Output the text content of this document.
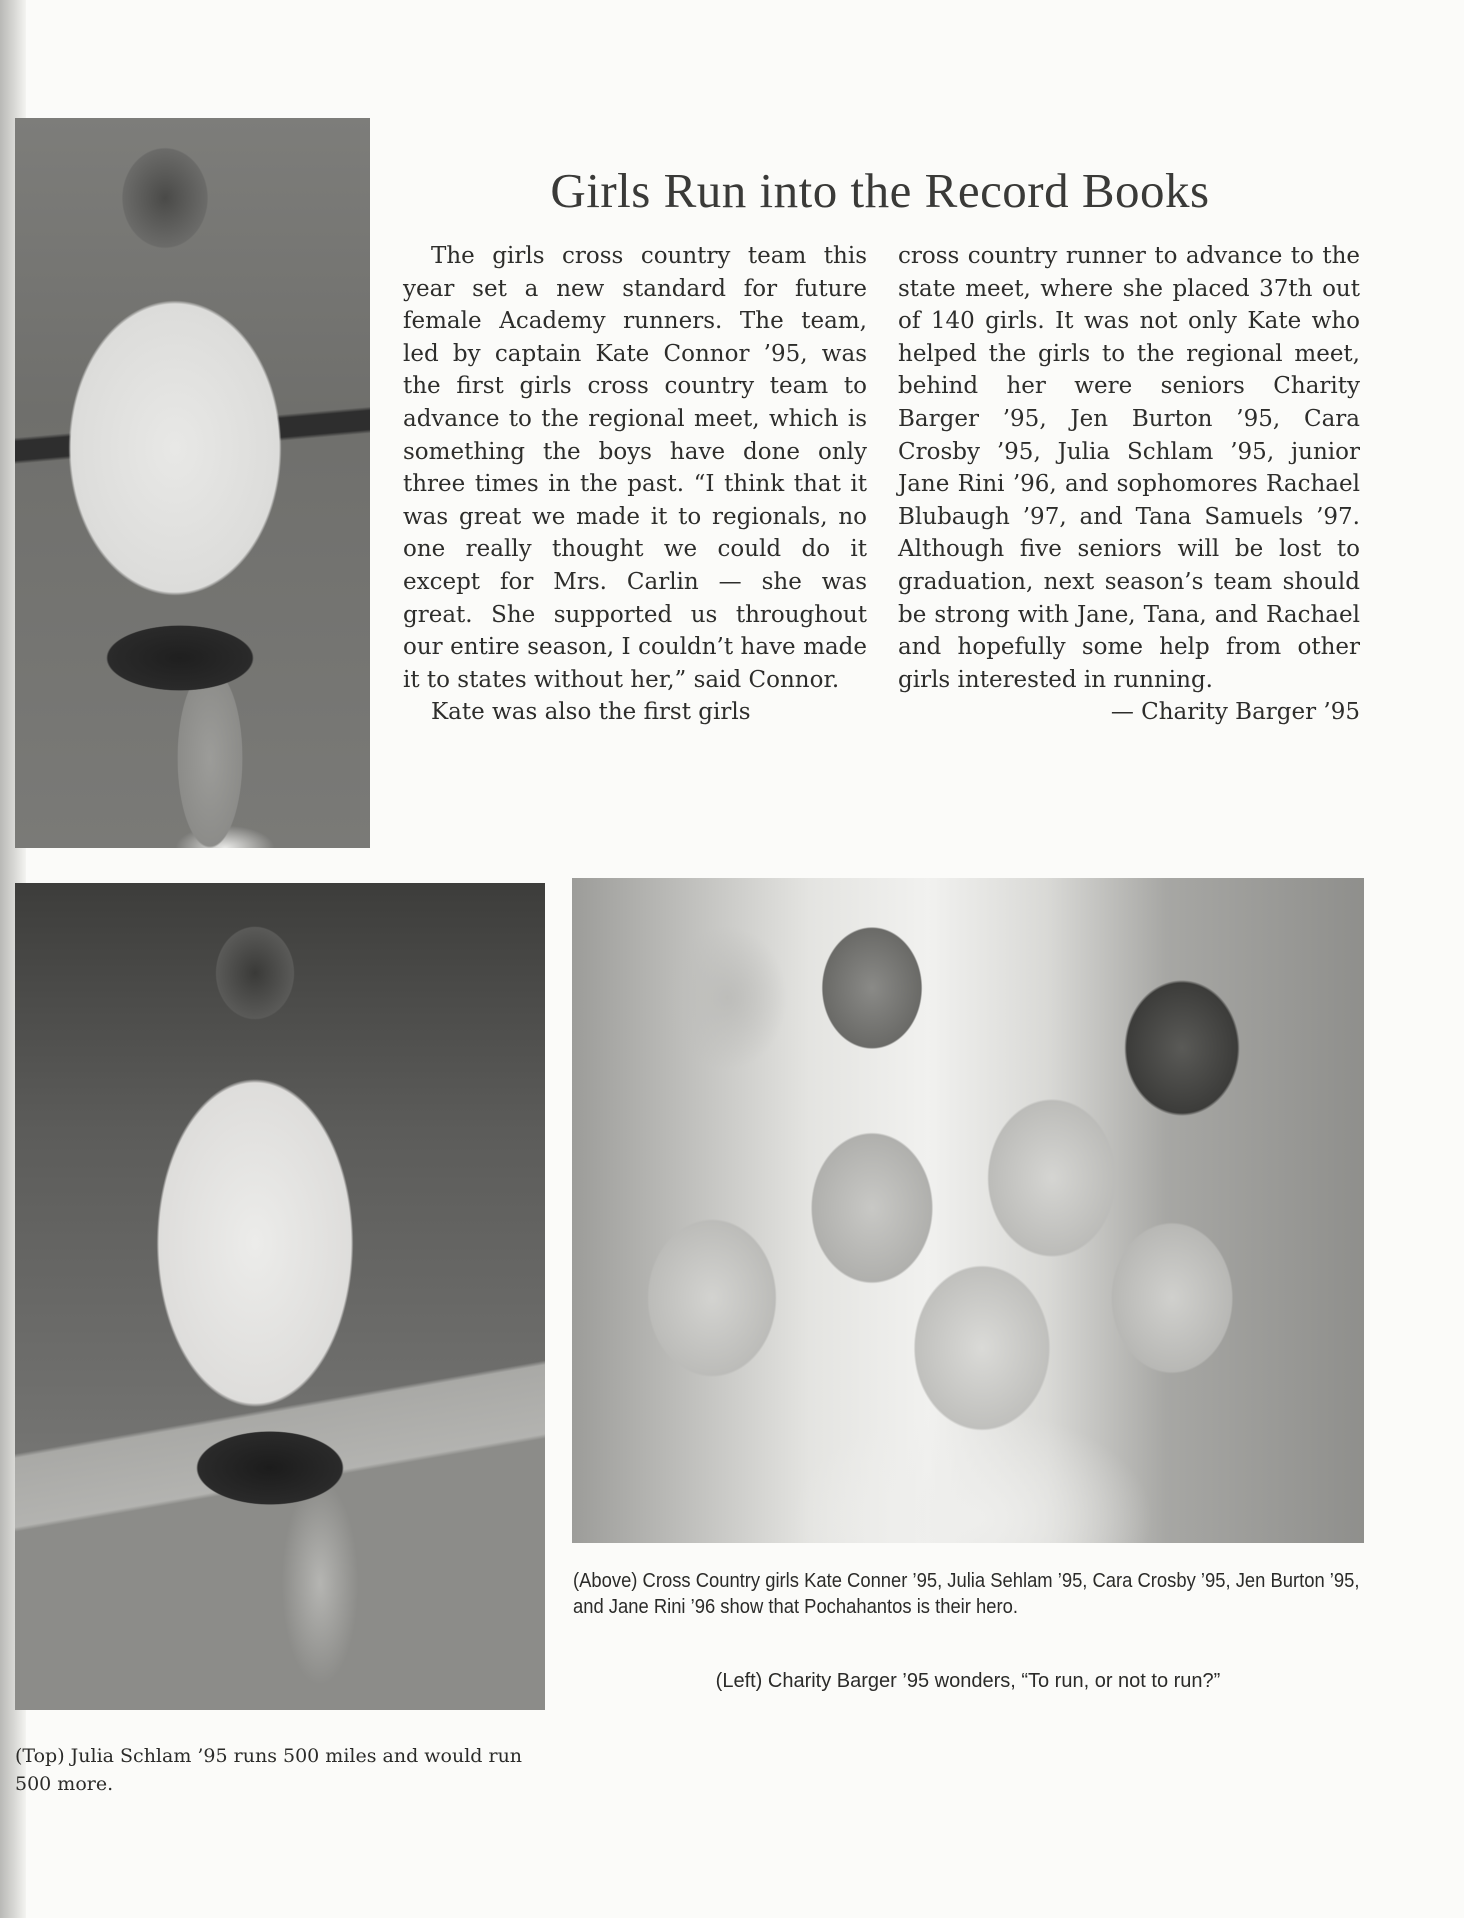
Girls Run into the Record Books

The girls cross country team this year set a new standard for future female Academy runners. The team, led by captain Kate Connor ’95, was the first girls cross country team to advance to the regional meet, which is something the boys have done only three times in the past. “I think that it was great we made it to regionals, no one really thought we could do it except for Mrs. Carlin — she was great. She supported us throughout our entire season, I couldn’t have made it to states without her,” said Connor.

Kate was also the first girls

cross country runner to advance to the state meet, where she placed 37th out of 140 girls. It was not only Kate who helped the girls to the regional meet, behind her were seniors Charity Barger ’95, Jen Burton ’95, Cara Crosby ’95, Julia Schlam ’95, junior Jane Rini ’96, and sophomores Rachael Blubaugh ’97, and Tana Samuels ’97. Although five seniors will be lost to graduation, next season’s team should be strong with Jane, Tana, and Rachael and hopefully some help from other girls interested in running.

— Charity Barger ’95

(Above) Cross Country girls Kate Conner ’95, Julia Sehlam ’95, Cara Crosby ’95, Jen Burton ’95, and Jane Rini ’96 show that Pochahantos is their hero.
(Left) Charity Barger ’95 wonders, “To run, or not to run?”
(Top) Julia Schlam ’95 runs 500 miles and would run 500 more.
